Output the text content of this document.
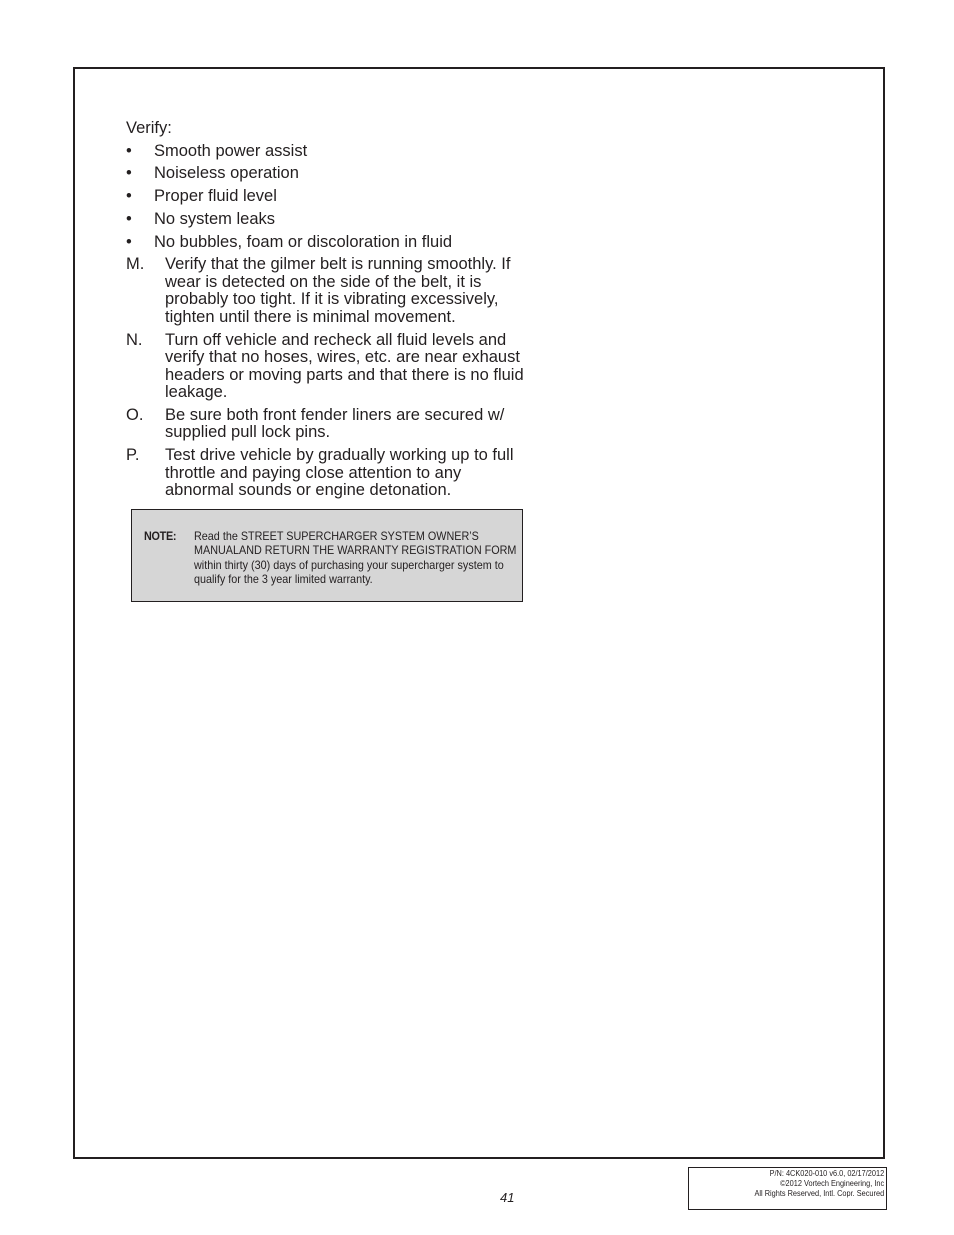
Verify:

• Smooth power assist
• Noiseless operation
• Proper fluid level
• No system leaks
• No bubbles, foam or discoloration in fluid
M. Verify that the gilmer belt is running smoothly. If wear is detected on the side of the belt, it is probably too tight. If it is vibrating excessively, tighten until there is minimal movement.
N. Turn off vehicle and recheck all fluid levels and verify that no hoses, wires, etc. are near exhaust headers or moving parts and that there is no fluid leakage.
O. Be sure both front fender liners are secured w/ supplied pull lock pins.
P. Test drive vehicle by gradually working up to full throttle and paying close attention to any abnormal sounds or engine detonation.
NOTE: Read the STREET SUPERCHARGER SYSTEM OWNER’S MANUALAND RETURN THE WARRANTY REGISTRATION FORM within thirty (30) days of purchasing your supercharger system to qualify for the 3 year limited warranty.
41
P/N: 4CK020-010 v6.0, 02/17/2012
©2012 Vortech Engineering, Inc
All Rights Reserved, Intl. Copr. Secured
